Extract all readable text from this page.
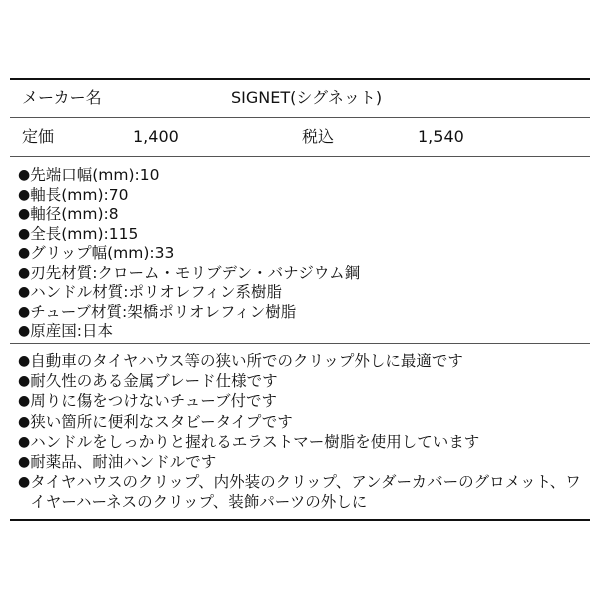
メーカー名	SIGNET(シグネット)
定価	1,400	税込	1,540
● 先端口幅(mm):10
● 軸長(mm):70
● 軸径(mm):8
● 全長(mm):115
● グリップ幅(mm):33
● 刃先材質:クローム・モリブデン・バナジウム鋼
● ハンドル材質:ポリオレフィン系樹脂
● チューブ材質:架橋ポリオレフィン樹脂
● 原産国:日本
● 自動車のタイヤハウス等の狭い所でのクリップ外しに最適です
● 耐久性のある金属ブレード仕様です
● 周りに傷をつけないチューブ付です
● 狭い箇所に便利なスタビータイプです
● ハンドルをしっかりと握れるエラストマー樹脂を使用しています
● 耐薬品、耐油ハンドルです
● タイヤハウスのクリップ、内外装のクリップ、アンダーカバーのグロメット、ワイヤーハーネスのクリップ、装飾パーツの外しに
